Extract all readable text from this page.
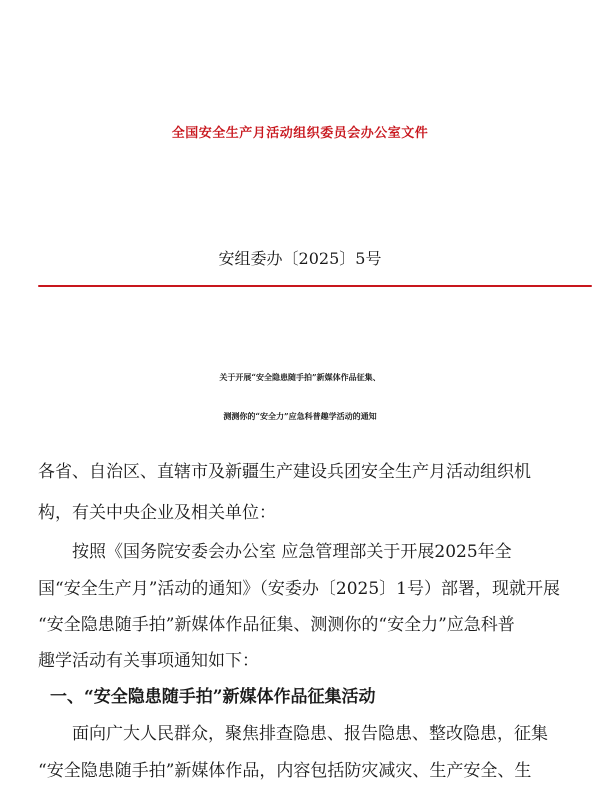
全国安全生产月活动组织委员会办公室文件
安组委办〔2025〕5号
关于开展“安全隐患随手拍”新媒体作品征集、
测测你的“安全力”应急科普趣学活动的通知
各省、自治区、直辖市及新疆生产建设兵团安全生产月活动组织机
构，有关中央企业及相关单位：
　　按照《国务院安委会办公室 应急管理部关于开展2025年全
国“安全生产月”活动的通知》（安委办〔2025〕1号）部署，现就开展
“安全隐患随手拍”新媒体作品征集、测测你的“安全力”应急科普
趣学活动有关事项通知如下：
一、“安全隐患随手拍”新媒体作品征集活动
　　面向广大人民群众，聚焦排查隐患、报告隐患、整改隐患，征集
“安全隐患随手拍”新媒体作品，内容包括防灾减灾、生产安全、生
